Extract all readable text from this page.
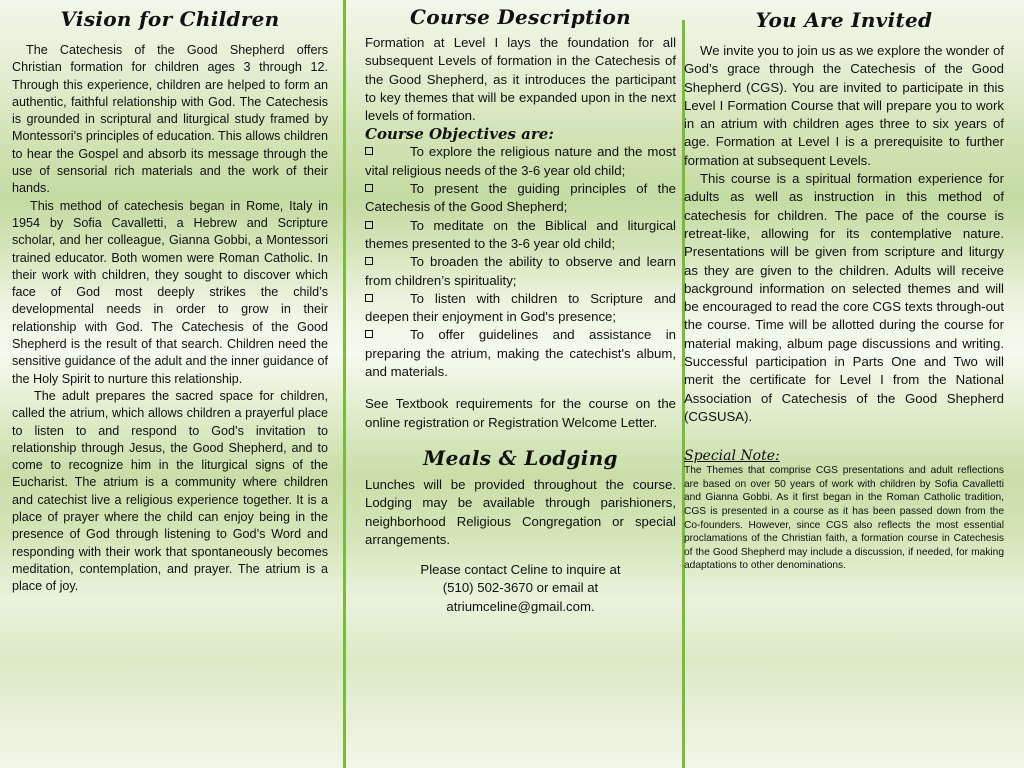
Vision for Children

The Catechesis of the Good Shepherd offers Christian formation for children ages 3 through 12. Through this experience, children are helped to form an authentic, faithful relationship with God. The Catechesis is grounded in scriptural and liturgical study framed by Montessori's principles of education. This allows children to hear the Gospel and absorb its message through the use of sensorial rich materials and the work of their hands.

This method of catechesis began in Rome, Italy in 1954 by Sofia Cavalletti, a Hebrew and Scripture scholar, and her colleague, Gianna Gobbi, a Montessori trained educator. Both women were Roman Catholic. In their work with children, they sought to discover which face of God most deeply strikes the child’s developmental needs in order to grow in their relationship with God. The Catechesis of the Good Shepherd is the result of that search. Children need the sensitive guidance of the adult and the inner guidance of the Holy Spirit to nurture this relationship.

The adult prepares the sacred space for children, called the atrium, which allows children a prayerful place to listen to and respond to God’s invitation to relationship through Jesus, the Good Shepherd, and to come to recognize him in the liturgical signs of the Eucharist. The atrium is a community where children and catechist live a religious experience together. It is a place of prayer where the child can enjoy being in the presence of God through listening to God’s Word and responding with their work that spontaneously becomes meditation, contemplation, and prayer. The atrium is a place of joy.

Course Description

Formation at Level I lays the foundation for all subsequent Levels of formation in the Catechesis of the Good Shepherd, as it introduces the participant to key themes that will be expanded upon in the next levels of formation.

Course Objectives are:
To explore the religious nature and the most vital religious needs of the 3-6 year old child;
To present the guiding principles of the Catechesis of the Good Shepherd;
To meditate on the Biblical and liturgical themes presented to the 3-6 year old child;
To broaden the ability to observe and learn from children’s spirituality;
To listen with children to Scripture and deepen their enjoyment in God's presence;
To offer guidelines and assistance in preparing the atrium, making the catechist's album, and materials.

See Textbook requirements for the course on the online registration or Registration Welcome Letter.

Meals & Lodging

Lunches will be provided throughout the course. Lodging may be available through parishioners, neighborhood Religious Congregation or special arrangements.

Please contact Celine to inquire at
(510) 502-3670 or email at
atriumceline@gmail.com.
You Are Invited

We invite you to join us as we explore the wonder of God’s grace through the Catechesis of the Good Shepherd (CGS). You are invited to participate in this Level I Formation Course that will prepare you to work in an atrium with children ages three to six years of age. Formation at Level I is a prerequisite to further formation at subsequent Levels.

This course is a spiritual formation experience for adults as well as instruction in this method of catechesis for children. The pace of the course is retreat-like, allowing for its contemplative nature. Presentations will be given from scripture and liturgy as they are given to the children. Adults will receive background information on selected themes and will be encouraged to read the core CGS texts through-out the course. Time will be allotted during the course for material making, album page discussions and writing. Successful participation in Parts One and Two will merit the certificate for Level I from the National Association of Catechesis of the Good Shepherd (CGSUSA).

Special Note:

The Themes that comprise CGS presentations and adult reflections are based on over 50 years of work with children by Sofia Cavalletti and Gianna Gobbi. As it first began in the Roman Catholic tradition, CGS is presented in a course as it has been passed down from the Co-founders. However, since CGS also reflects the most essential proclamations of the Christian faith, a formation course in Catechesis of the Good Shepherd may include a discussion, if needed, for making adaptations to other denominations.
